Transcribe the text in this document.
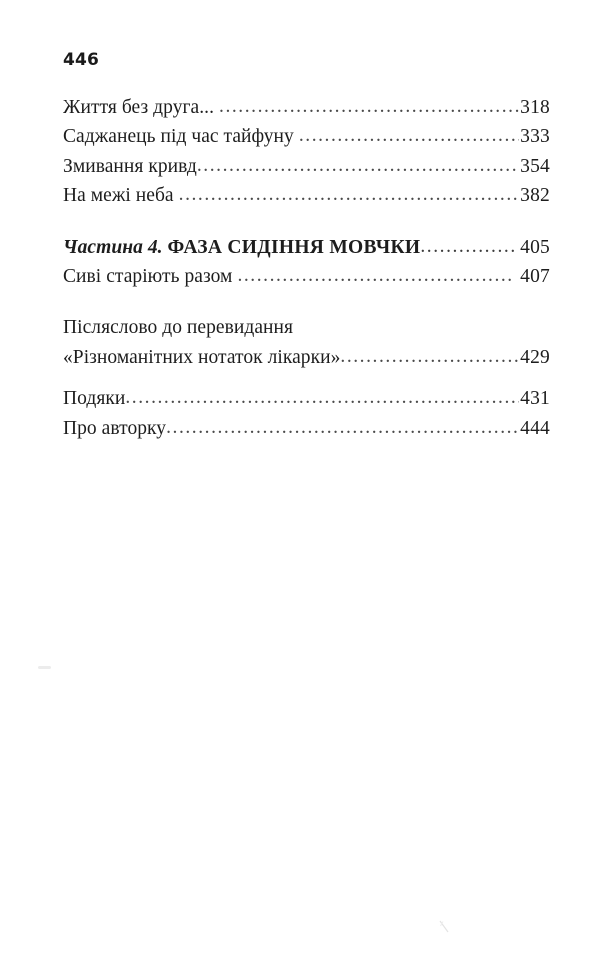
446
Життя без друга... .....	318
Саджанець під час тайфуну .....	333
Змивання кривд .....	354
На межі неба .....	382
Частина 4. ФАЗА СИДІННЯ МОВЧКИ .....	405
Сиві старіють разом .....	407
Післяслово до перевидання
«Різноманітних нотаток лікарки» .....	429
Подяки .....	431
Про авторку .....	444
